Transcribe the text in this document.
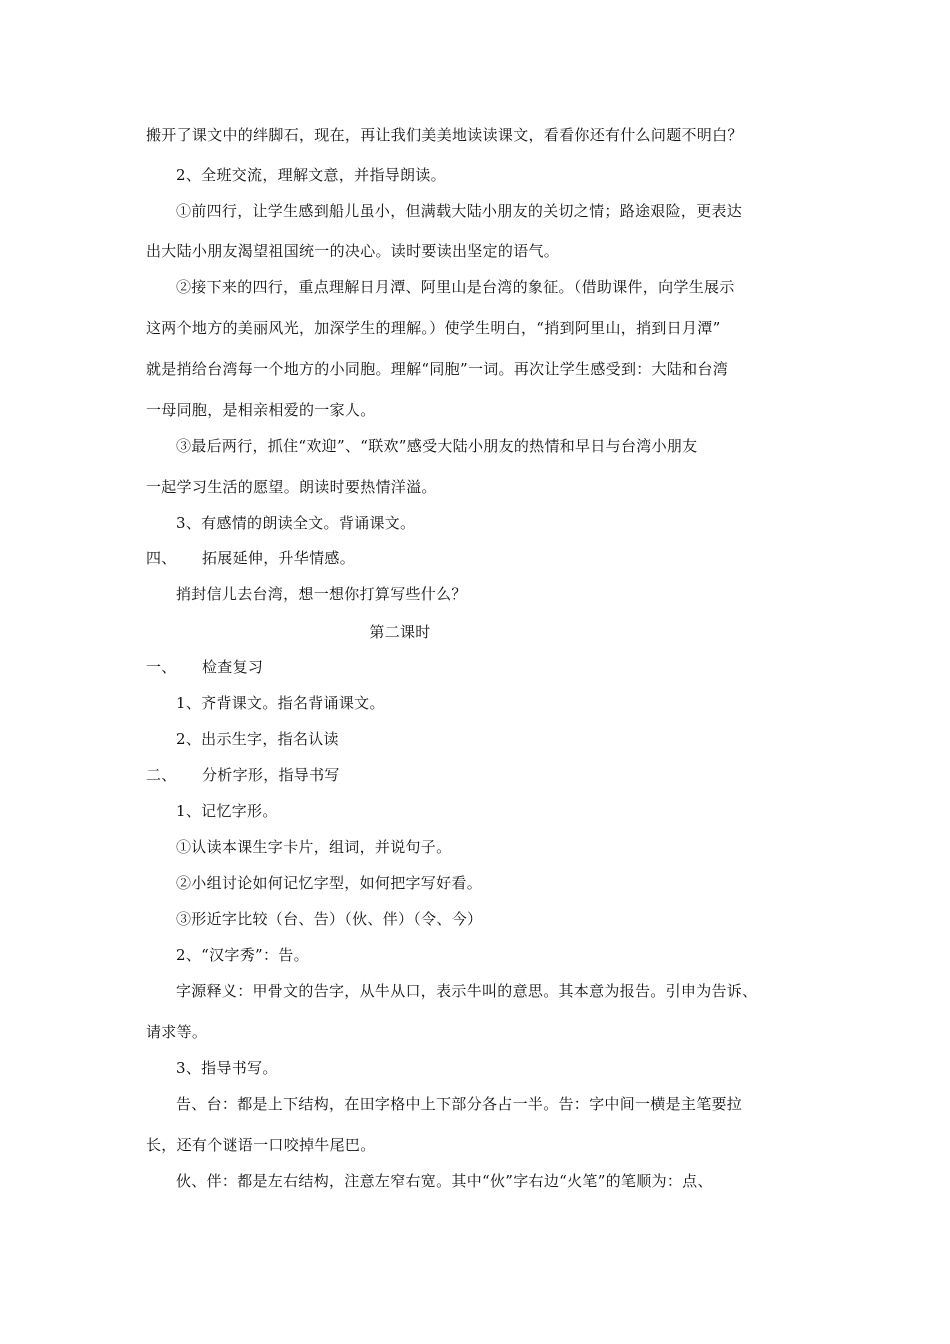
搬开了课文中的绊脚石，现在，再让我们美美地读读课文，看看你还有什么问题不明白？
2、全班交流，理解文意，并指导朗读。
①前四行，让学生感到船儿虽小，但满载大陆小朋友的关切之情；路途艰险，更表达
出大陆小朋友渴望祖国统一的决心。读时要读出坚定的语气。
②接下来的四行，重点理解日月潭、阿里山是台湾的象征。（借助课件，向学生展示
这两个地方的美丽风光，加深学生的理解。）使学生明白，“捎到阿里山，捎到日月潭”
就是捎给台湾每一个地方的小同胞。理解“同胞”一词。再次让学生感受到：大陆和台湾
一母同胞，是相亲相爱的一家人。
③最后两行，抓住“欢迎”、“联欢”感受大陆小朋友的热情和早日与台湾小朋友
一起学习生活的愿望。朗读时要热情洋溢。
3、有感情的朗读全文。背诵课文。
四、 拓展延伸，升华情感。
捎封信儿去台湾，想一想你打算写些什么？
第二课时
一、 检查复习
1、齐背课文。指名背诵课文。
2、出示生字，指名认读
二、 分析字形，指导书写
1、记忆字形。
①认读本课生字卡片，组词，并说句子。
②小组讨论如何记忆字型，如何把字写好看。
③形近字比较（台、告）（伙、伴）（令、今）
2、“汉字秀”：告。
字源释义：甲骨文的告字，从牛从口，表示牛叫的意思。其本意为报告。引申为告诉、
请求等。
3、指导书写。
告、台：都是上下结构，在田字格中上下部分各占一半。告：字中间一横是主笔要拉
长，还有个谜语一口咬掉牛尾巴。
伙、伴：都是左右结构，注意左窄右宽。其中“伙”字右边“火笔”的笔顺为：点、
